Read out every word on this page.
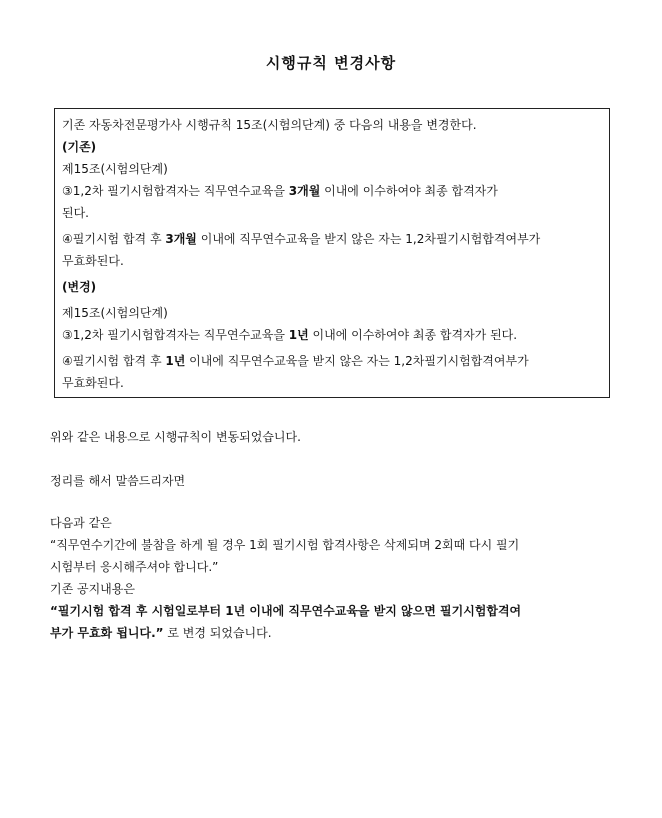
시행규칙 변경사항
기존 자동차전문평가사 시행규칙 15조(시험의단계) 중 다음의 내용을 변경한다.
(기존)
제15조(시험의단계)
③1,2차 필기시험합격자는 직무연수교육을 3개월 이내에 이수하여야 최종 합격자가
된다.
④필기시험 합격 후 3개월 이내에 직무연수교육을 받지 않은 자는 1,2차필기시험합격여부가
무효화된다.
(변경)
제15조(시험의단계)
③1,2차 필기시험합격자는 직무연수교육을 1년 이내에 이수하여야 최종 합격자가 된다.
④필기시험 합격 후 1년 이내에 직무연수교육을 받지 않은 자는 1,2차필기시험합격여부가
무효화된다.
위와 같은 내용으로 시행규칙이 변동되었습니다.
정리를 해서 말씀드리자면
다음과 같은
“직무연수기간에 불참을 하게 될 경우 1회 필기시험 합격사항은 삭제되며 2회때 다시 필기
시험부터 응시해주셔야 합니다.”
기존 공지내용은
“필기시험 합격 후 시험일로부터 1년 이내에 직무연수교육을 받지 않으면 필기시험합격여
부가 무효화 됩니다.” 로 변경 되었습니다.
